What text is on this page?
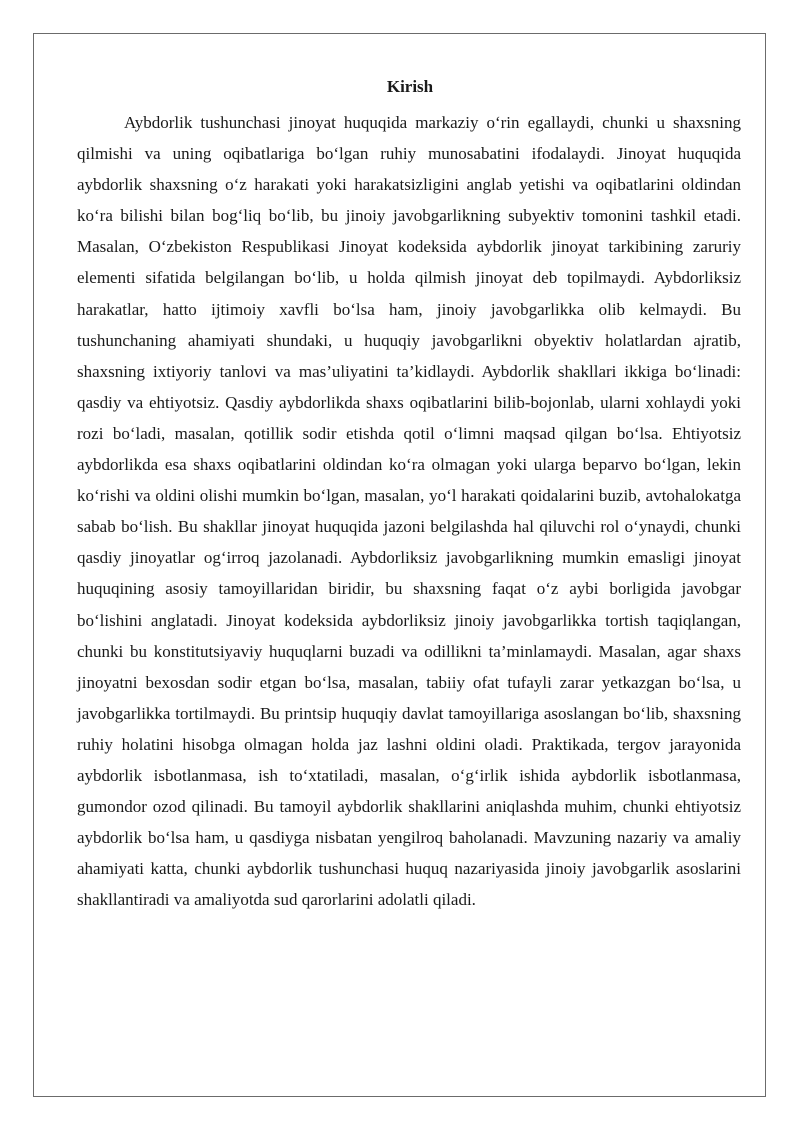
Kirish

Aybdorlik tushunchasi jinoyat huquqida markaziy o‘rin egallaydi, chunki u shaxsning qilmishi va uning oqibatlariga bo‘lgan ruhiy munosabatini ifodalaydi. Jinoyat huquqida aybdorlik shaxsning o‘z harakati yoki harakatsizligini anglab yetishi va oqibatlarini oldindan ko‘ra bilishi bilan bog‘liq bo‘lib, bu jinoiy javobgarlikning subyektiv tomonini tashkil etadi. Masalan, O‘zbekiston Respublikasi Jinoyat kodeksida aybdorlik jinoyat tarkibining zaruriy elementi sifatida belgilangan bo‘lib, u holda qilmish jinoyat deb topilmaydi. Aybdorliksiz harakatlar, hatto ijtimoiy xavfli bo‘lsa ham, jinoiy javobgarlikka olib kelmaydi. Bu tushunchaning ahamiyati shundaki, u huquqiy javobgarlikni obyektiv holatlardan ajratib, shaxsning ixtiyoriy tanlovi va mas’uliyatini ta’kidlaydi. Aybdorlik shakllari ikkiga bo‘linadi: qasdiy va ehtiyotsiz. Qasdiy aybdorlikda shaxs oqibatlarini bilib-bojonlab, ularni xohlaydi yoki rozi bo‘ladi, masalan, qotillik sodir etishda qotil o‘limni maqsad qilgan bo‘lsa. Ehtiyotsiz aybdorlikda esa shaxs oqibatlarini oldindan ko‘ra olmagan yoki ularga beparvo bo‘lgan, lekin ko‘rishi va oldini olishi mumkin bo‘lgan, masalan, yo‘l harakati qoidalarini buzib, avtohalokatga sabab bo‘lish. Bu shakllar jinoyat huquqida jazoni belgilashda hal qiluvchi rol o‘ynaydi, chunki qasdiy jinoyatlar og‘irroq jazolanadi. Aybdorliksiz javobgarlikning mumkin emasligi jinoyat huquqining asosiy tamoyillaridan biridir, bu shaxsning faqat o‘z aybi borligida javobgar bo‘lishini anglatadi. Jinoyat kodeksida aybdorliksiz jinoiy javobgarlikka tortish taqiqlangan, chunki bu konstitutsiyaviy huquqlarni buzadi va odillikni ta’minlamaydi. Masalan, agar shaxs jinoyatni bexosdan sodir etgan bo‘lsa, masalan, tabiiy ofat tufayli zarar yetkazgan bo‘lsa, u javobgarlikka tortilmaydi. Bu printsip huquqiy davlat tamoyillariga asoslangan bo‘lib, shaxsning ruhiy holatini hisobga olmagan holda jaz lashni oldini oladi. Praktikada, tergov jarayonida aybdorlik isbotlanmasa, ish to‘xtatiladi, masalan, o‘g‘irlik ishida aybdorlik isbotlanmasa, gumondor ozod qilinadi. Bu tamoyil aybdorlik shakllarini aniqlashda muhim, chunki ehtiyotsiz aybdorlik bo‘lsa ham, u qasdiyga nisbatan yengilroq baholanadi. Mavzuning nazariy va amaliy ahamiyati katta, chunki aybdorlik tushunchasi huquq nazariyasida jinoiy javobgarlik asoslarini shakllantiradi va amaliyotda sud qarorlarini adolatli qiladi.
